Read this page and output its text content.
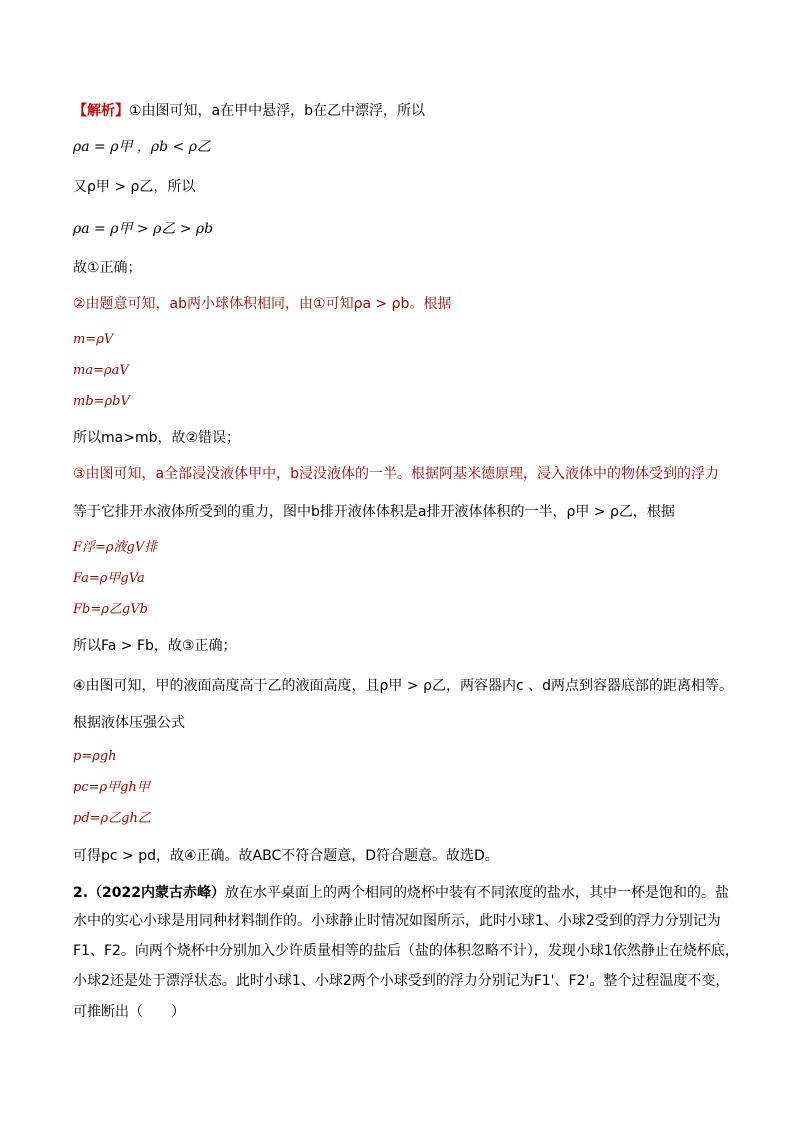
【解析】①由图可知，a在甲中悬浮，b在乙中漂浮，所以
ρa = ρ甲 ，ρb < ρ乙
又ρ甲 > ρ乙，所以
ρa = ρ甲 > ρ乙 > ρb
故①正确；
②由题意可知，ab两小球体积相同，由①可知ρa > ρb。根据
m=ρV
ma=ρaV
mb=ρbV
所以ma>mb，故②错误；
③由图可知，a全部浸没液体甲中，b浸没液体的一半。根据阿基米德原理，浸入液体中的物体受到的浮力
等于它排开水液体所受到的重力，图中b排开液体体积是a排开液体体积的一半，ρ甲 > ρ乙，根据
F浮=ρ液gV排
Fa=ρ甲gVa
Fb=ρ乙gVb
所以Fa > Fb，故③正确；
④由图可知，甲的液面高度高于乙的液面高度，且ρ甲 > ρ乙，两容器内c 、d两点到容器底部的距离相等。
根据液体压强公式
p=ρgh
pc=ρ甲gh甲
pd=ρ乙gh乙
可得pc > pd，故④正确。故ABC不符合题意，D符合题意。故选D。
2.（2022内蒙古赤峰）放在水平桌面上的两个相同的烧杯中装有不同浓度的盐水，其中一杯是饱和的。盐
水中的实心小球是用同种材料制作的。小球静止时情况如图所示，此时小球1、小球2受到的浮力分别记为
F1、F2。向两个烧杯中分别加入少许质量相等的盐后（盐的体积忽略不计），发现小球1依然静止在烧杯底，
小球2还是处于漂浮状态。此时小球1、小球2两个小球受到的浮力分别记为F1'、F2'。整个过程温度不变，
可推断出（　　）
